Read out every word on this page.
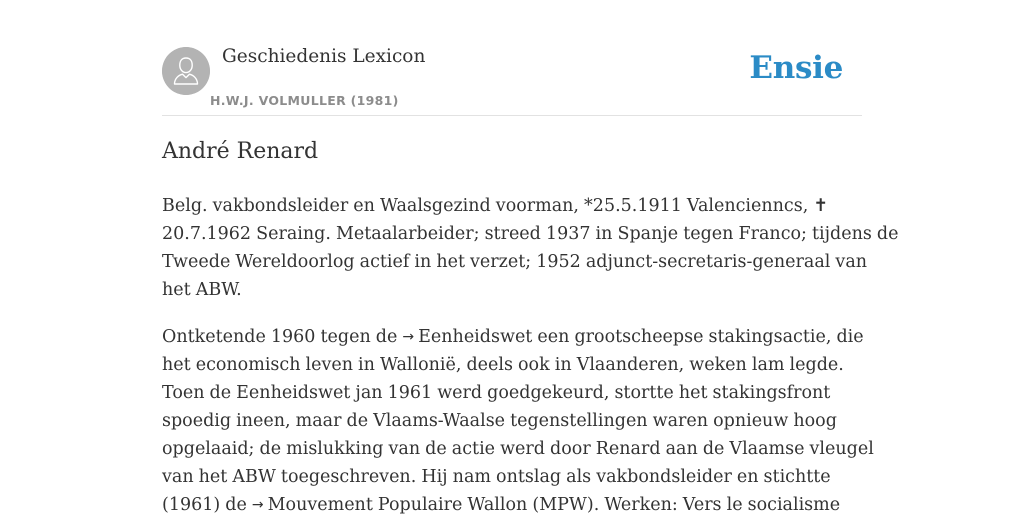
Geschiedenis Lexicon
H.W.J. VOLMULLER (1981)
Ensie
André Renard

Belg. vakbondsleider en Waalsgezind voorman, *25.5.1911 Valencienncs, ✝
20.7.1962 Seraing. Metaalarbeider; streed 1937 in Spanje tegen Franco; tijdens de
Tweede Wereldoorlog actief in het verzet; 1952 adjunct-secretaris-generaal van
het ABW.

Ontketende 1960 tegen de → Eenheidswet een grootscheepse stakingsactie, die
het economisch leven in Wallonië, deels ook in Vlaanderen, weken lam legde.
Toen de Eenheidswet jan 1961 werd goedgekeurd, stortte het stakingsfront
spoedig ineen, maar de Vlaams-Waalse tegenstellingen waren opnieuw hoog
opgelaaid; de mislukking van de actie werd door Renard aan de Vlaamse vleugel
van het ABW toegeschreven. Hij nam ontslag als vakbondsleider en stichtte
(1961) de → Mouvement Populaire Wallon (MPW). Werken: Vers le socialisme
